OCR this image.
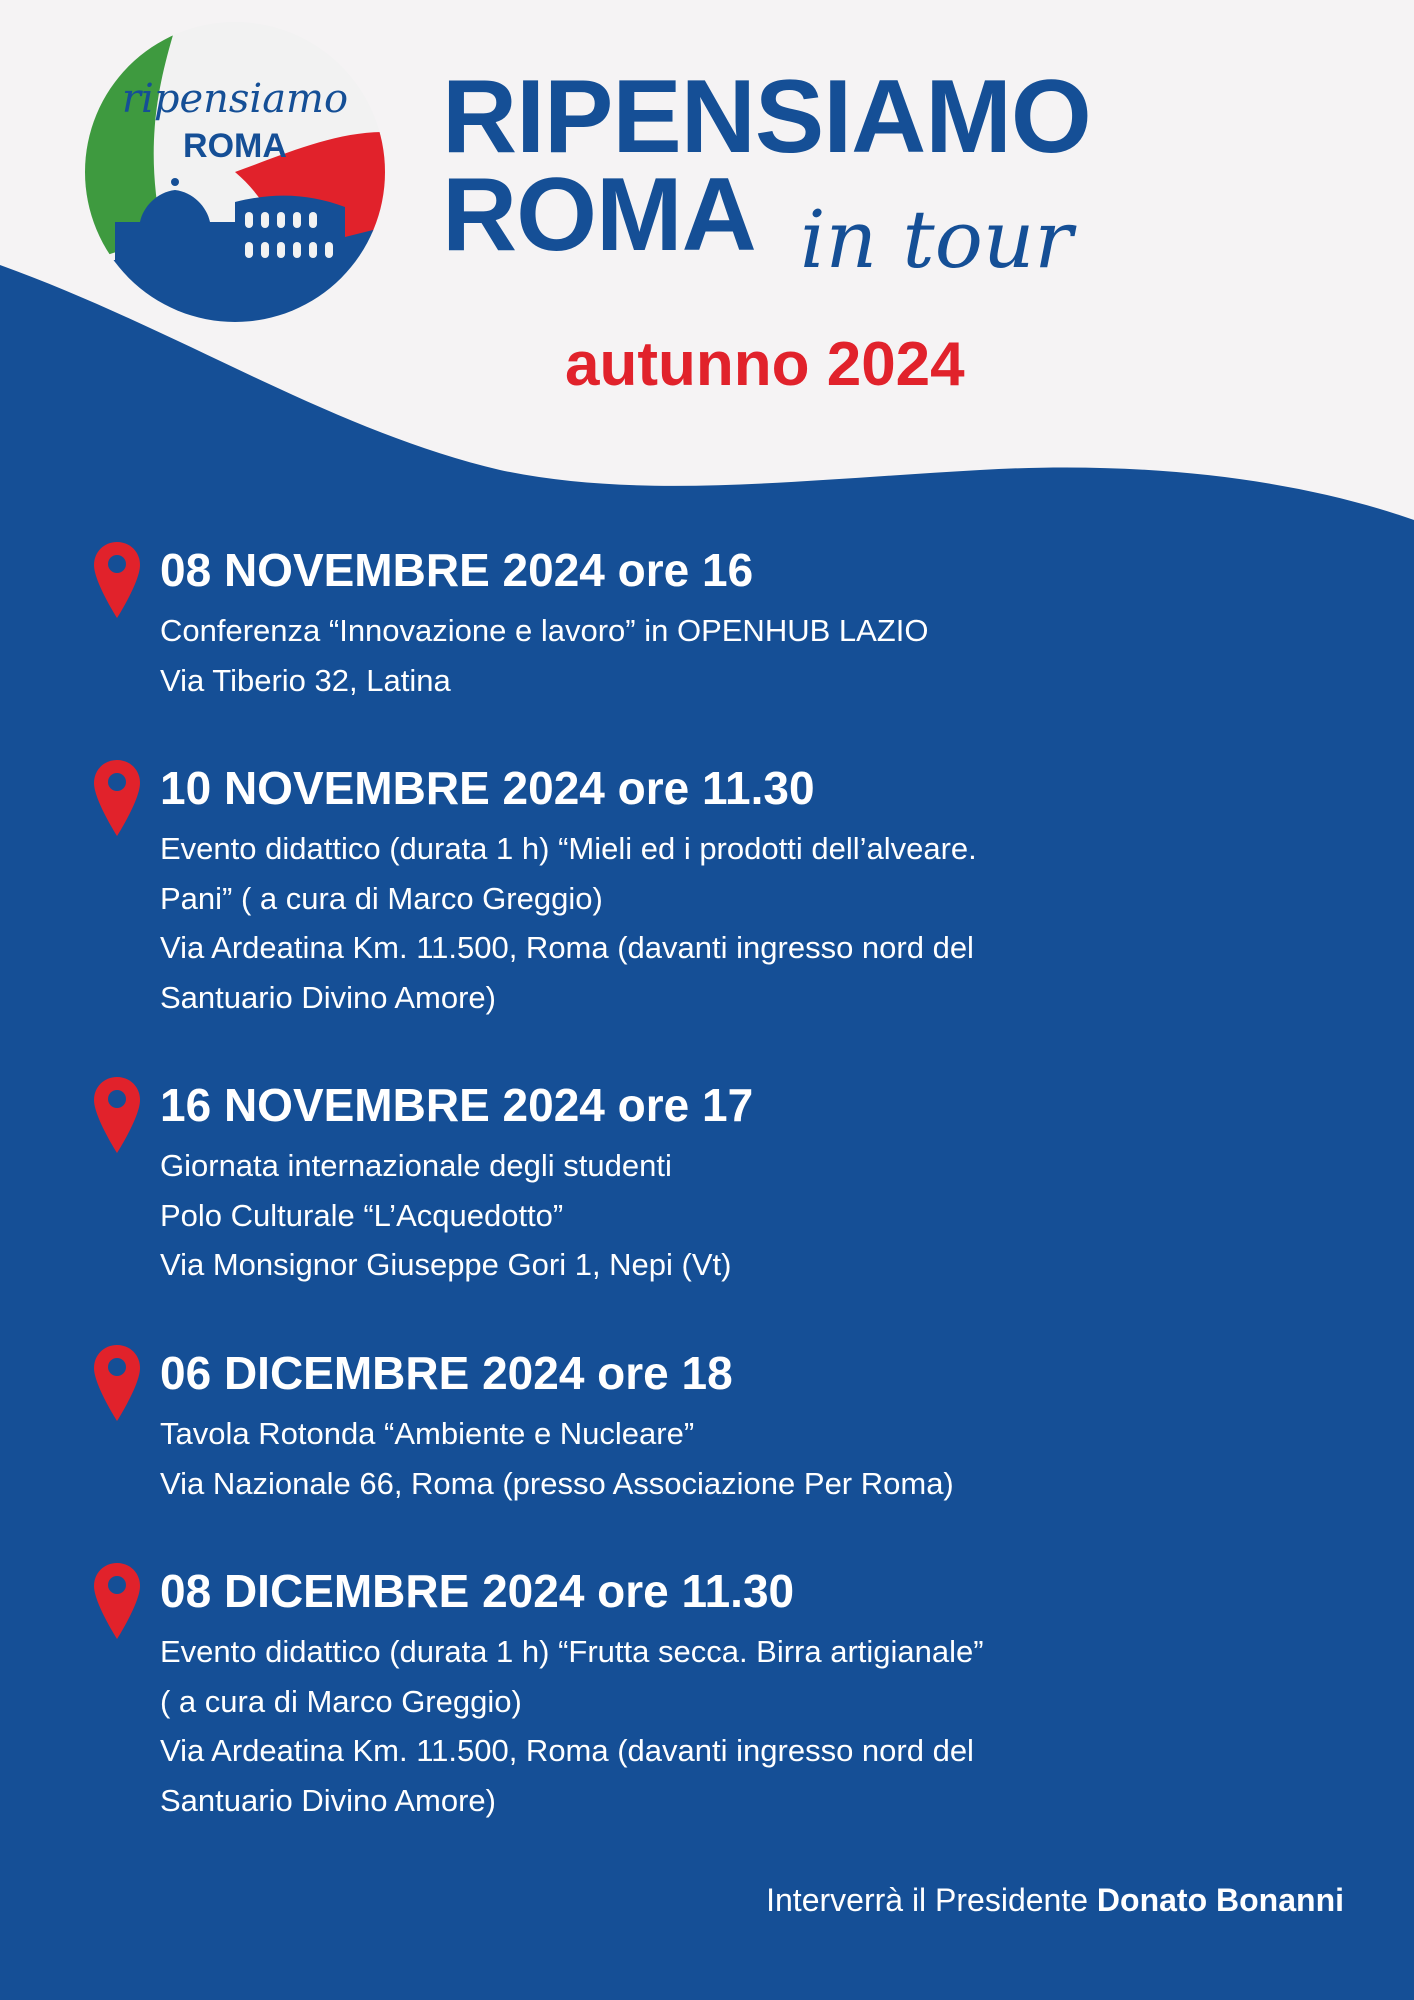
ripensiamo
ROMA RIPENSIAMO
ROMA in tour
autunno 2024
08 NOVEMBRE 2024 ore 16
Conferenza “Innovazione e lavoro” in OPENHUB LAZIO
Via Tiberio 32, Latina
10 NOVEMBRE 2024 ore 11.30
Evento didattico (durata 1 h) “Mieli ed i prodotti dell’alveare.
Pani” ( a cura di Marco Greggio)
Via Ardeatina Km. 11.500, Roma (davanti ingresso nord del
Santuario Divino Amore)
16 NOVEMBRE 2024 ore 17
Giornata internazionale degli studenti
Polo Culturale “L’Acquedotto”
Via Monsignor Giuseppe Gori 1, Nepi (Vt)
06 DICEMBRE 2024 ore 18
Tavola Rotonda “Ambiente e Nucleare”
Via Nazionale 66, Roma (presso Associazione Per Roma)
08 DICEMBRE 2024 ore 11.30
Evento didattico (durata 1 h) “Frutta secca. Birra artigianale”
( a cura di Marco Greggio)
Via Ardeatina Km. 11.500, Roma (davanti ingresso nord del
Santuario Divino Amore)
Interverrà il Presidente Donato Bonanni
